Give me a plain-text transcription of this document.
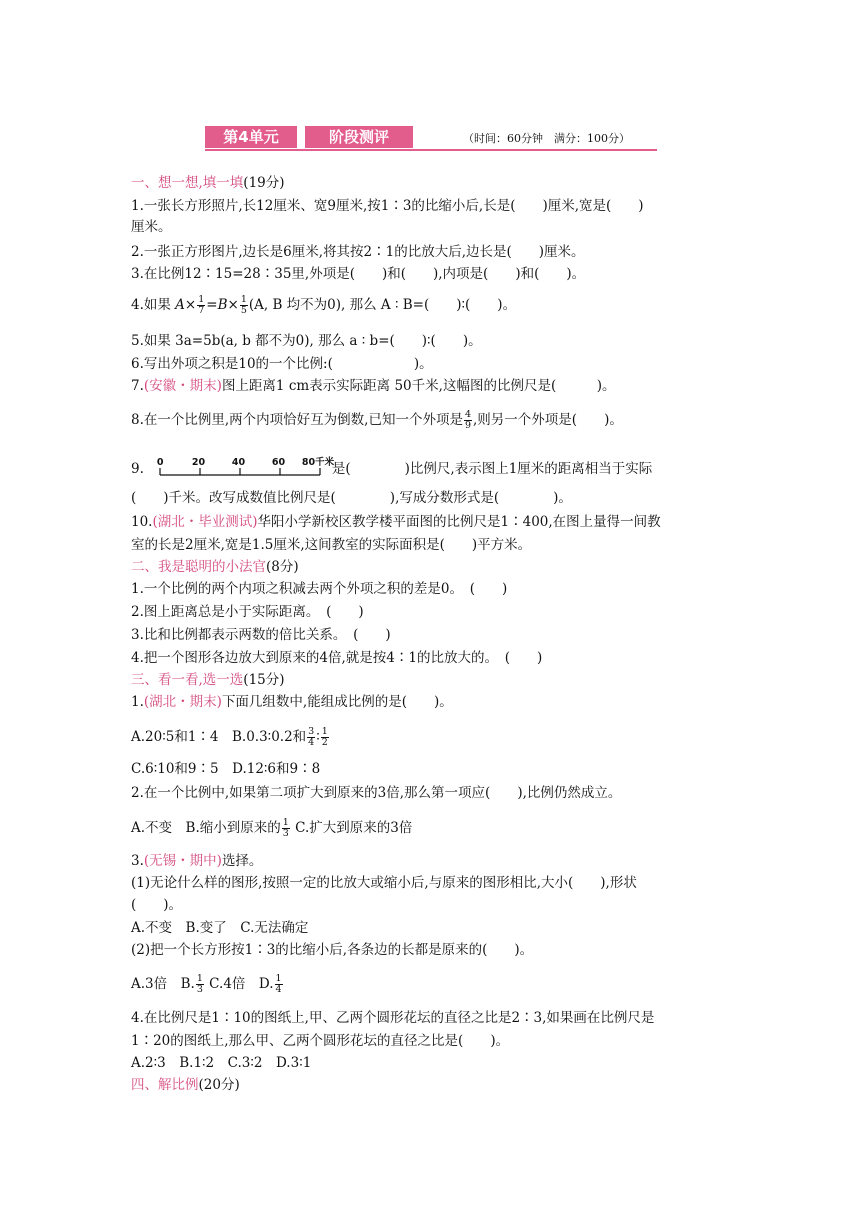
第4单元	阶段测评	（时间：60分钟　满分：100分）
一、想一想,填一填(19分)
1.一张长方形照片,长12厘米、宽9厘米,按1∶3的比缩小后,长是(　　)厘米,宽是(　　)
厘米。
2.一张正方形图片,边长是6厘米,将其按2∶1的比放大后,边长是(　　)厘米。
3.在比例12∶15=28∶35里,外项是(　　)和(　　),内项是(　　)和(　　)。
4.如果 $A\times \frac{1}{7} =B\times \frac{1}{5} (A$, B 均不为0), 那么 A ∶ B=(　　)∶(　　)。
5.如果 3a=5b(a, b 都不为0), 那么 a ∶ b=(　　)∶(　　)。
6.写出外项之积是10的一个比例:(　　　　　　)。
7.(安徽・期末)图上距离1 cm表示实际距离 50千米,这幅图的比例尺是(　　　)。
8.在一个比例里,两个内项恰好互为倒数,已知一个外项是 $\frac{4}{9}$ ,则另一个外项是(　　)。
9. 0	20	40	60 80千米
是(　　　　)比例尺,表示图上1厘米的距离相当于实际
(　　)千米。改写成数值比例尺是(　　　　),写成分数形式是(　　　　)。
10.(湖北・毕业测试)华阳小学新校区教学楼平面图的比例尺是1∶400,在图上量得一间教
室的长是2厘米,宽是1.5厘米,这间教室的实际面积是(　　)平方米。
二、我是聪明的小法官(8分)
1.一个比例的两个内项之积减去两个外项之积的差是0。　(　　)
2.图上距离总是小于实际距离。　(　　)
3.比和比例都表示两数的倍比关系。　(　　)
4.把一个图形各边放大到原来的4倍,就是按4∶1的比放大的。　(　　)
三、看一看,选一选(15分)
1.(湖北・期末)下面几组数中,能组成比例的是(　　)。
A.20∶5和1∶4　B.0.3∶0.2和 $\frac{3}{4}$ ∶ $\frac{1}{2}$
C.6∶10和9∶5　D.12∶6和9∶8
2.在一个比例中,如果第二项扩大到原来的3倍,那么第一项应(　　),比例仍然成立。
A.不变　B.缩小到原来的 $\frac{1}{3} C$.扩大到原来的3倍
3.(无锡・期中)选择。
(1)无论什么样的图形,按照一定的比放大或缩小后,与原来的图形相比,大小(　　),形状
(　　)。
A.不变　B.变了　C.无法确定
(2)把一个长方形按1∶3的比缩小后,各条边的长都是原来的(　　)。
A.3倍　B. $\frac{1}{3} C.4$倍　D. $\frac{1}{4}$
4.在比例尺是1∶10的图纸上,甲、乙两个圆形花坛的直径之比是2∶3,如果画在比例尺是
1∶20的图纸上,那么甲、乙两个圆形花坛的直径之比是(　　)。
A.2∶3　B.1∶2　C.3∶2　D.3∶1
四、解比例(20分)
